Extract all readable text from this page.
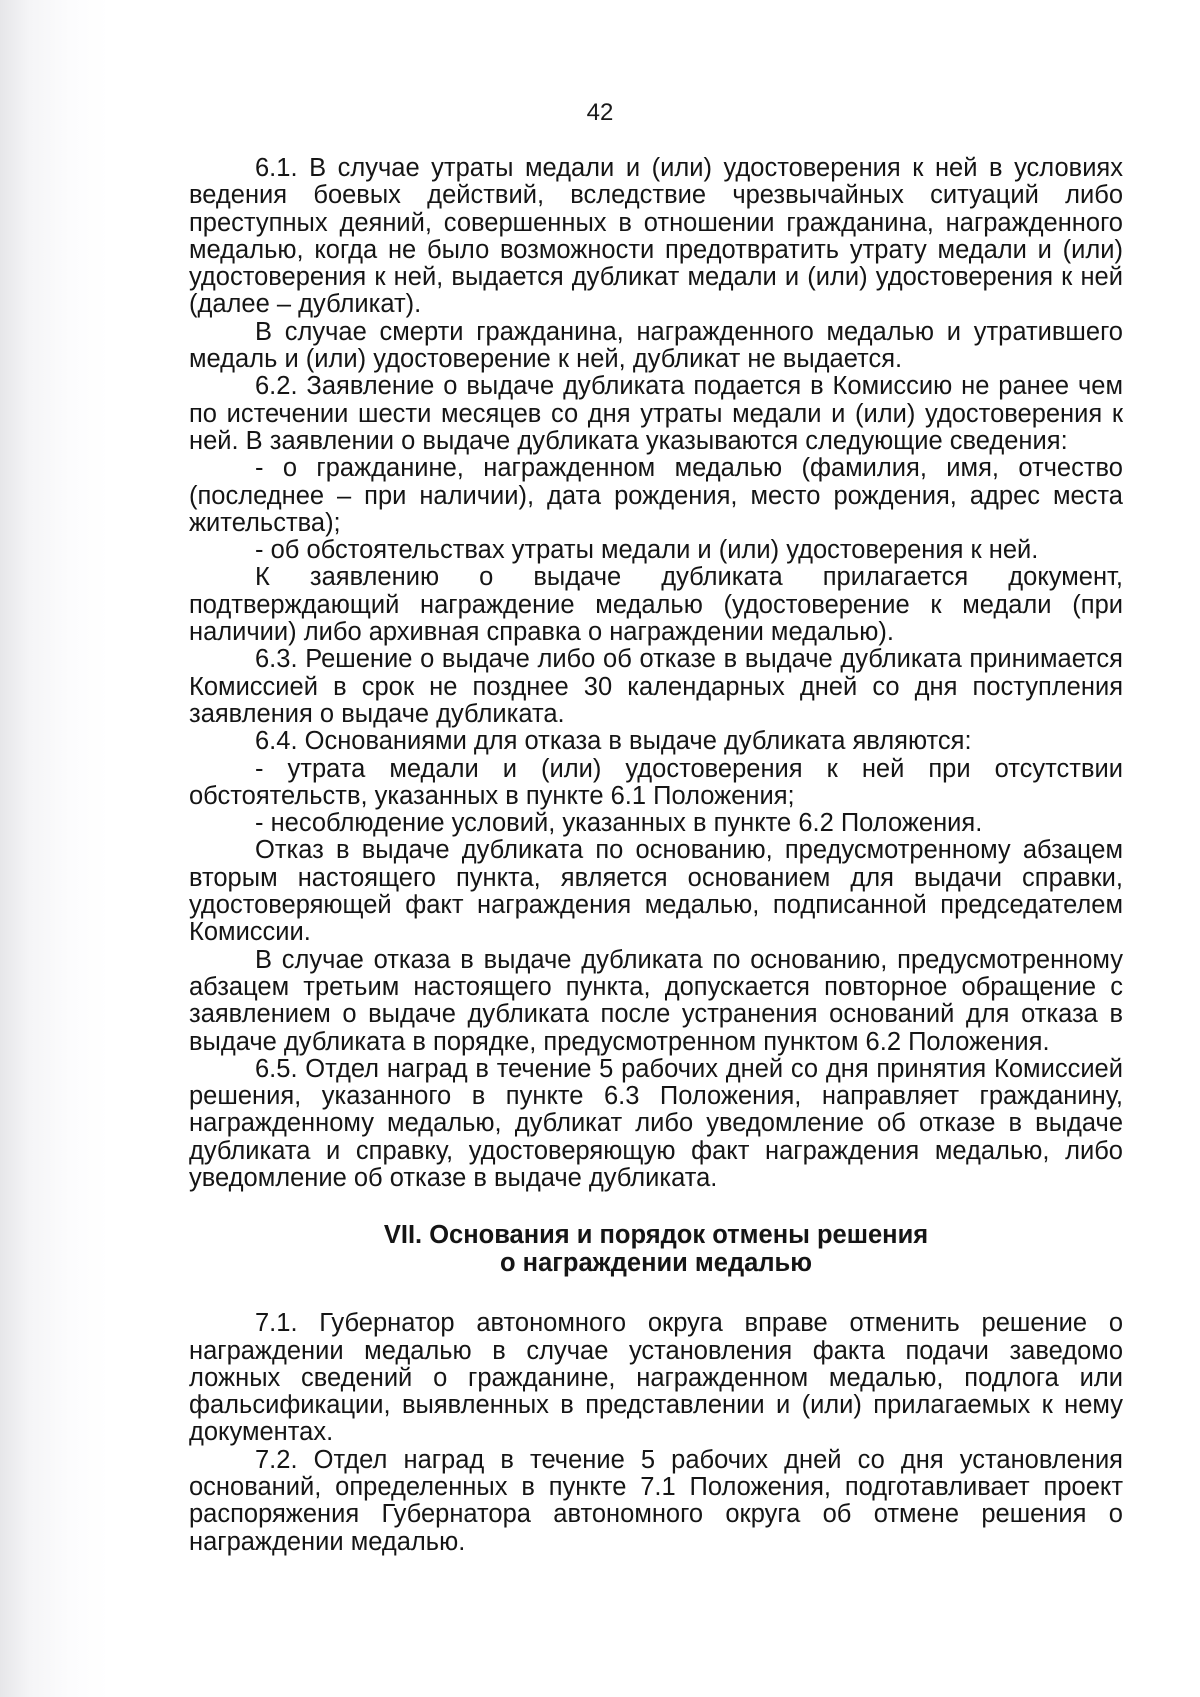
42

6.1. В случае утраты медали и (или) удостоверения к ней в условиях ведения боевых действий, вследствие чрезвычайных ситуаций либо преступных деяний, совершенных в отношении гражданина, награжденного медалью, когда не было возможности предотвратить утрату медали и (или) удостоверения к ней, выдается дубликат медали и (или) удостоверения к ней (далее – дубликат).

В случае смерти гражданина, награжденного медалью и утратившего медаль и (или) удостоверение к ней, дубликат не выдается.

6.2. Заявление о выдаче дубликата подается в Комиссию не ранее чем по истечении шести месяцев со дня утраты медали и (или) удостоверения к ней. В заявлении о выдаче дубликата указываются следующие сведения:

- о гражданине, награжденном медалью (фамилия, имя, отчество (последнее – при наличии), дата рождения, место рождения, адрес места жительства);

- об обстоятельствах утраты медали и (или) удостоверения к ней.

К заявлению о выдаче дубликата прилагается документ, подтверждающий награждение медалью (удостоверение к медали (при наличии) либо архивная справка о награждении медалью).

6.3. Решение о выдаче либо об отказе в выдаче дубликата принимается Комиссией в срок не позднее 30 календарных дней со дня поступления заявления о выдаче дубликата.

6.4. Основаниями для отказа в выдаче дубликата являются:

- утрата медали и (или) удостоверения к ней при отсутствии обстоятельств, указанных в пункте 6.1 Положения;

- несоблюдение условий, указанных в пункте 6.2 Положения.

Отказ в выдаче дубликата по основанию, предусмотренному абзацем вторым настоящего пункта, является основанием для выдачи справки, удостоверяющей факт награждения медалью, подписанной председателем Комиссии.

В случае отказа в выдаче дубликата по основанию, предусмотренному абзацем третьим настоящего пункта, допускается повторное обращение с заявлением о выдаче дубликата после устранения оснований для отказа в выдаче дубликата в порядке, предусмотренном пунктом 6.2 Положения.

6.5. Отдел наград в течение 5 рабочих дней со дня принятия Комиссией решения, указанного в пункте 6.3 Положения, направляет гражданину, награжденному медалью, дубликат либо уведомление об отказе в выдаче дубликата и справку, удостоверяющую факт награждения медалью, либо уведомление об отказе в выдаче дубликата.

VII. Основания и порядок отмены решения
о награждении медалью

7.1. Губернатор автономного округа вправе отменить решение о награждении медалью в случае установления факта подачи заведомо ложных сведений о гражданине, награжденном медалью, подлога или фальсификации, выявленных в представлении и (или) прилагаемых к нему документах.

7.2. Отдел наград в течение 5 рабочих дней со дня установления оснований, определенных в пункте 7.1 Положения, подготавливает проект распоряжения Губернатора автономного округа об отмене решения о награждении медалью.
